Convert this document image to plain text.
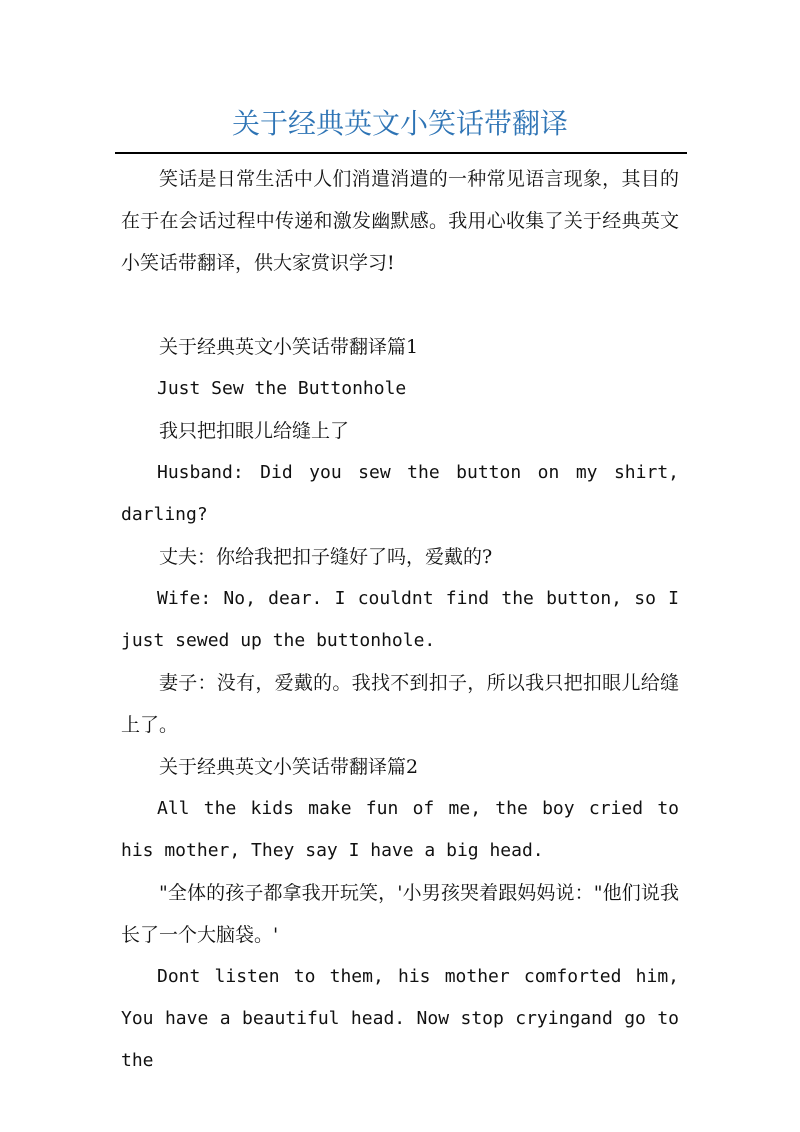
关于经典英文小笑话带翻译

笑话是日常生活中人们消遣消遣的一种常见语言现象，其目的在于在会话过程中传递和激发幽默感。我用心收集了关于经典英文小笑话带翻译，供大家赏识学习!

关于经典英文小笑话带翻译篇1

Just Sew the Buttonhole

我只把扣眼儿给缝上了

Husband: Did you sew the button on my shirt, darling?

丈夫：你给我把扣子缝好了吗，爱戴的?

Wife: No, dear. I couldnt find the button, so I just sewed up the buttonhole.

妻子：没有，爱戴的。我找不到扣子，所以我只把扣眼儿给缝上了。

关于经典英文小笑话带翻译篇2

All the kids make fun of me, the boy cried to his mother, They say I have a big head.

"全体的孩子都拿我开玩笑，'小男孩哭着跟妈妈说："他们说我长了一个大脑袋。'

Dont listen to them, his mother comforted him, You have a beautiful head. Now stop cryingand go to the
